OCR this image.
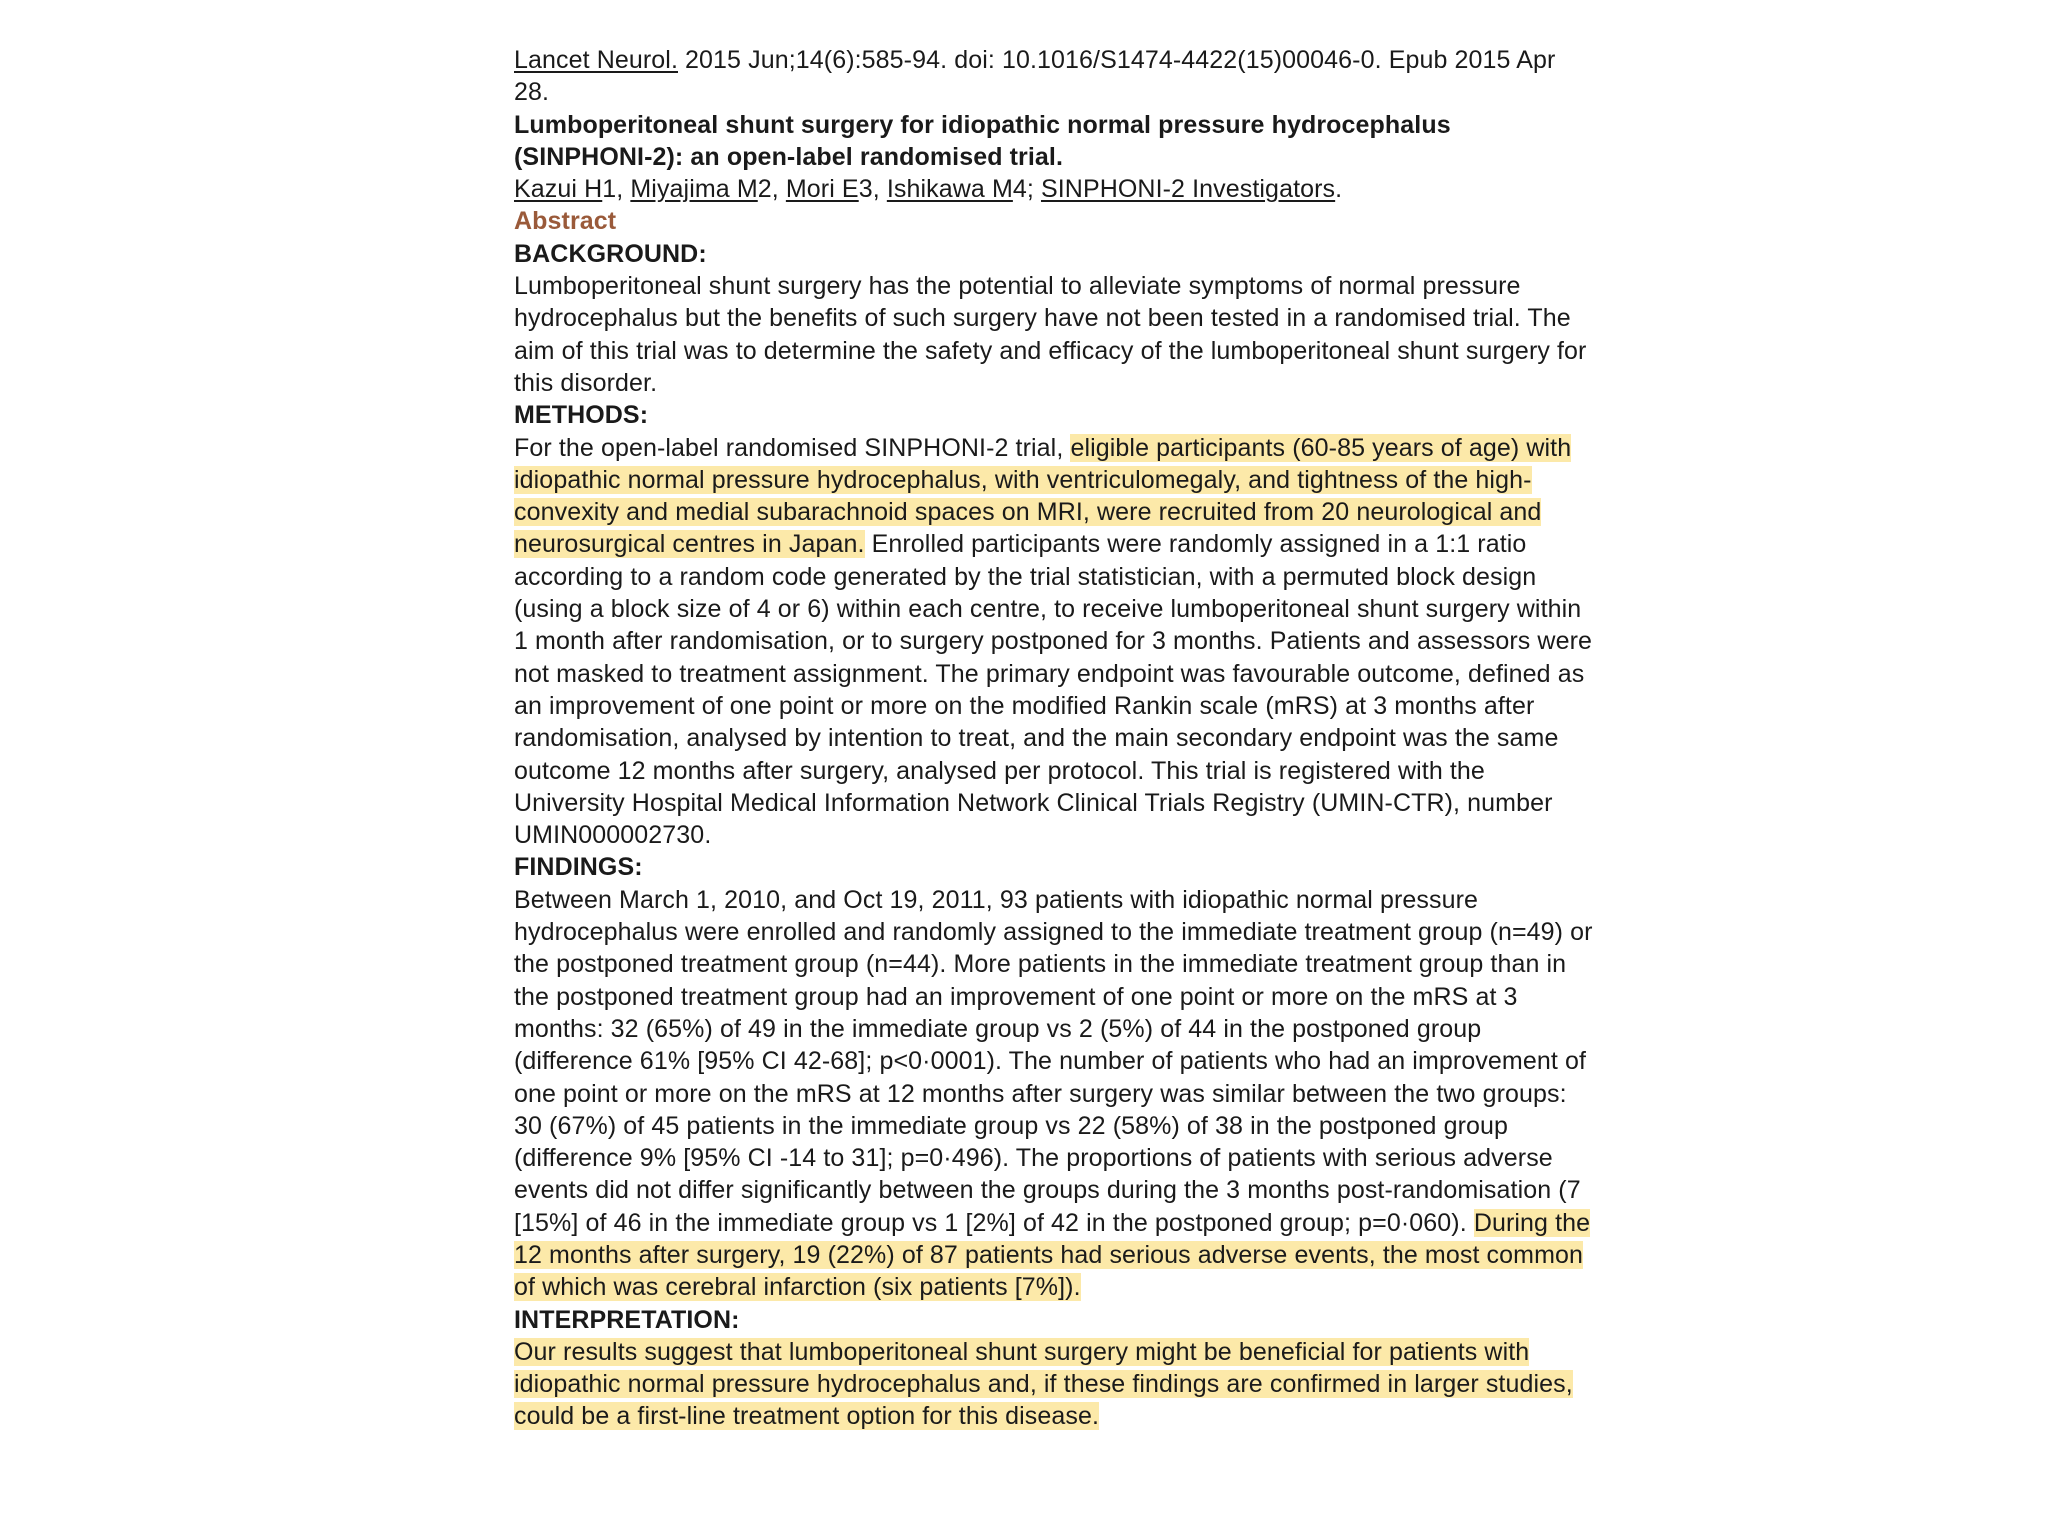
Lancet Neurol. 2015 Jun;14(6):585-94. doi: 10.1016/S1474-4422(15)00046-0. Epub 2015 Apr 28.

Lumboperitoneal shunt surgery for idiopathic normal pressure hydrocephalus (SINPHONI-2): an open-label randomised trial.

Kazui H1, Miyajima M2, Mori E3, Ishikawa M4; SINPHONI-2 Investigators.

Abstract

BACKGROUND:

Lumboperitoneal shunt surgery has the potential to alleviate symptoms of normal pressure hydrocephalus but the benefits of such surgery have not been tested in a randomised trial. The aim of this trial was to determine the safety and efficacy of the lumboperitoneal shunt surgery for this disorder.

METHODS:

For the open-label randomised SINPHONI-2 trial, eligible participants (60-85 years of age) with idiopathic normal pressure hydrocephalus, with ventriculomegaly, and tightness of the high-convexity and medial subarachnoid spaces on MRI, were recruited from 20 neurological and neurosurgical centres in Japan. Enrolled participants were randomly assigned in a 1:1 ratio according to a random code generated by the trial statistician, with a permuted block design (using a block size of 4 or 6) within each centre, to receive lumboperitoneal shunt surgery within 1 month after randomisation, or to surgery postponed for 3 months. Patients and assessors were not masked to treatment assignment. The primary endpoint was favourable outcome, defined as an improvement of one point or more on the modified Rankin scale (mRS) at 3 months after randomisation, analysed by intention to treat, and the main secondary endpoint was the same outcome 12 months after surgery, analysed per protocol. This trial is registered with the University Hospital Medical Information Network Clinical Trials Registry (UMIN-CTR), number UMIN000002730.

FINDINGS:

Between March 1, 2010, and Oct 19, 2011, 93 patients with idiopathic normal pressure hydrocephalus were enrolled and randomly assigned to the immediate treatment group (n=49) or the postponed treatment group (n=44). More patients in the immediate treatment group than in the postponed treatment group had an improvement of one point or more on the mRS at 3 months: 32 (65%) of 49 in the immediate group vs 2 (5%) of 44 in the postponed group (difference 61% [95% CI 42-68]; p<0·0001). The number of patients who had an improvement of one point or more on the mRS at 12 months after surgery was similar between the two groups: 30 (67%) of 45 patients in the immediate group vs 22 (58%) of 38 in the postponed group (difference 9% [95% CI -14 to 31]; p=0·496). The proportions of patients with serious adverse events did not differ significantly between the groups during the 3 months post-randomisation (7 [15%] of 46 in the immediate group vs 1 [2%] of 42 in the postponed group; p=0·060). During the 12 months after surgery, 19 (22%) of 87 patients had serious adverse events, the most common of which was cerebral infarction (six patients [7%]).

INTERPRETATION:

Our results suggest that lumboperitoneal shunt surgery might be beneficial for patients with idiopathic normal pressure hydrocephalus and, if these findings are confirmed in larger studies, could be a first-line treatment option for this disease.
